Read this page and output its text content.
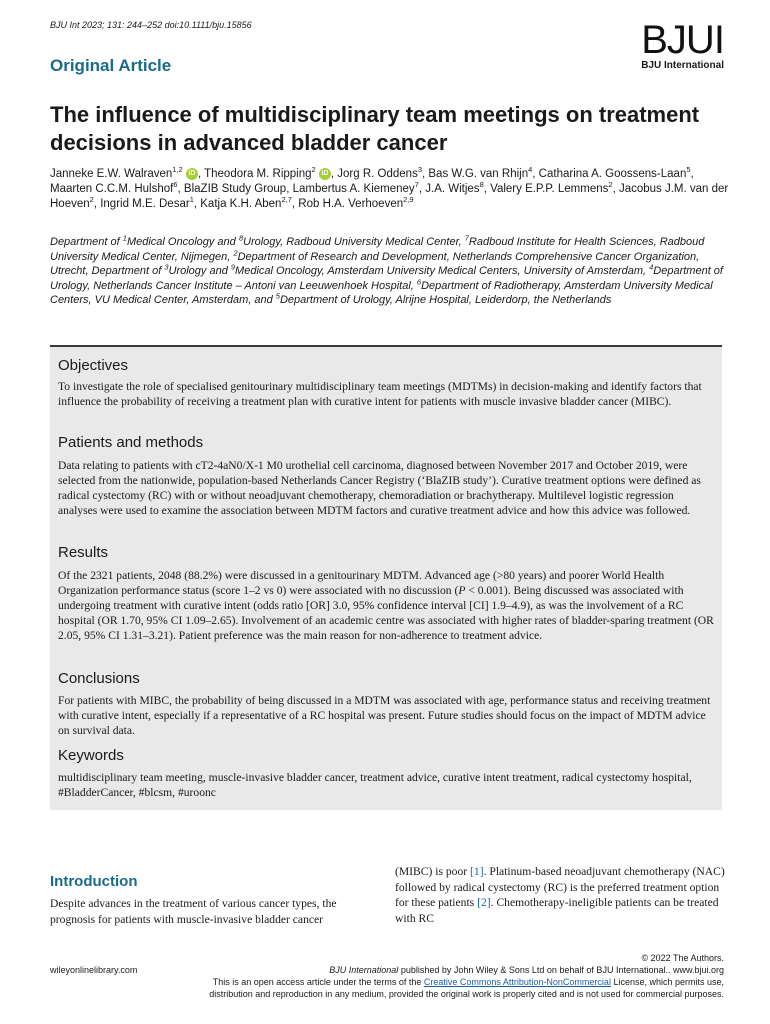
BJU Int 2023; 131: 244–252 doi:10.1111/bju.15856	BJUI
BJU International
Original Article
The influence of multidisciplinary team meetings on treatment decisions in advanced bladder cancer
Janneke E.W. Walraven$^{1,2}$ iD , Theodora M. Ripping$^2$ iD , Jorg R. Oddens$^3$, Bas W.G. van Rhijn$^4$, Catharina A. Goossens-Laan$^5$, Maarten C.C.M. Hulshof$^6$, BlaZIB Study Group, Lambertus A. Kiemeney$^7$, J.A. Witjes$^8$, Valery E.P.P. Lemmens$^2$, Jacobus J.M. van der Hoeven$^2$, Ingrid M.E. Desar$^1$, Katja K.H. Aben$^{2,7}$, Rob H.A. Verhoeven$^{2,9}$
Department of $^1$Medical Oncology and $^8$Urology, Radboud University Medical Center, $^7$Radboud Institute for Health Sciences, Radboud University Medical Center, Nijmegen, $^2$Department of Research and Development, Netherlands Comprehensive Cancer Organization, Utrecht, Department of $^3$Urology and $^9$Medical Oncology, Amsterdam University Medical Centers, University of Amsterdam, $^4$Department of Urology, Netherlands Cancer Institute – Antoni van Leeuwenhoek Hospital, $^6$Department of Radiotherapy, Amsterdam University Medical Centers, VU Medical Center, Amsterdam, and $^5$Department of Urology, Alrijne Hospital, Leiderdorp, the Netherlands
Objectives

To investigate the role of specialised genitourinary multidisciplinary team meetings (MDTMs) in decision-making and identify factors that influence the probability of receiving a treatment plan with curative intent for patients with muscle invasive bladder cancer (MIBC).

Patients and methods

Data relating to patients with cT2-4aN0/X-1 M0 urothelial cell carcinoma, diagnosed between November 2017 and October 2019, were selected from the nationwide, population-based Netherlands Cancer Registry (‘BlaZIB study’). Curative treatment options were defined as radical cystectomy (RC) with or without neoadjuvant chemotherapy, chemoradiation or brachytherapy. Multilevel logistic regression analyses were used to examine the association between MDTM factors and curative treatment advice and how this advice was followed.

Results

Of the 2321 patients, 2048 (88.2%) were discussed in a genitourinary MDTM. Advanced age (>80 years) and poorer World Health Organization performance status (score 1–2 vs 0) were associated with no discussion (P < 0.001). Being discussed was associated with undergoing treatment with curative intent (odds ratio [OR] 3.0, 95% confidence interval [CI] 1.9–4.9), as was the involvement of a RC hospital (OR 1.70, 95% CI 1.09–2.65). Involvement of an academic centre was associated with higher rates of bladder-sparing treatment (OR 2.05, 95% CI 1.31–3.21). Patient preference was the main reason for non-adherence to treatment advice.

Conclusions

For patients with MIBC, the probability of being discussed in a MDTM was associated with age, performance status and receiving treatment with curative intent, especially if a representative of a RC hospital was present. Future studies should focus on the impact of MDTM advice on survival data.

Keywords

multidisciplinary team meeting, muscle-invasive bladder cancer, treatment advice, curative intent treatment, radical cystectomy hospital, #BladderCancer, #blcsm, #uroonc

Introduction
Despite advances in the treatment of various cancer types, the prognosis for patients with muscle-invasive bladder cancer
(MIBC) is poor [1]. Platinum-based neoadjuvant chemotherapy (NAC) followed by radical cystectomy (RC) is the preferred treatment option for these patients [2]. Chemotherapy-ineligible patients can be treated with RC
© 2022 The Authors.
wileyonlinelibrary.com	BJU International published by John Wiley & Sons Ltd on behalf of BJU International.. www.bjui.org
This is an open access article under the terms of the Creative Commons Attribution-NonCommercial License, which permits use,
distribution and reproduction in any medium, provided the original work is properly cited and is not used for commercial purposes.
